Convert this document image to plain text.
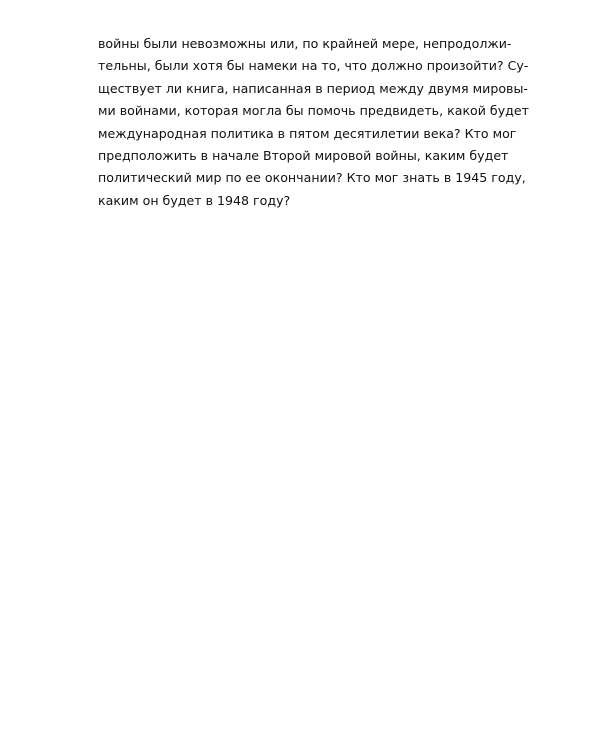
войны были невозможны или, по крайней мере, непродолжи-
тельны, были хотя бы намеки на то, что должно произойти? Су-
ществует ли книга, написанная в период между двумя мировы-
ми войнами, которая могла бы помочь предвидеть, какой будет
международная политика в пятом десятилетии века? Кто мог
предположить в начале Второй мировой войны, каким будет
политический мир по ее окончании? Кто мог знать в 1945 году,
каким он будет в 1948 году?
